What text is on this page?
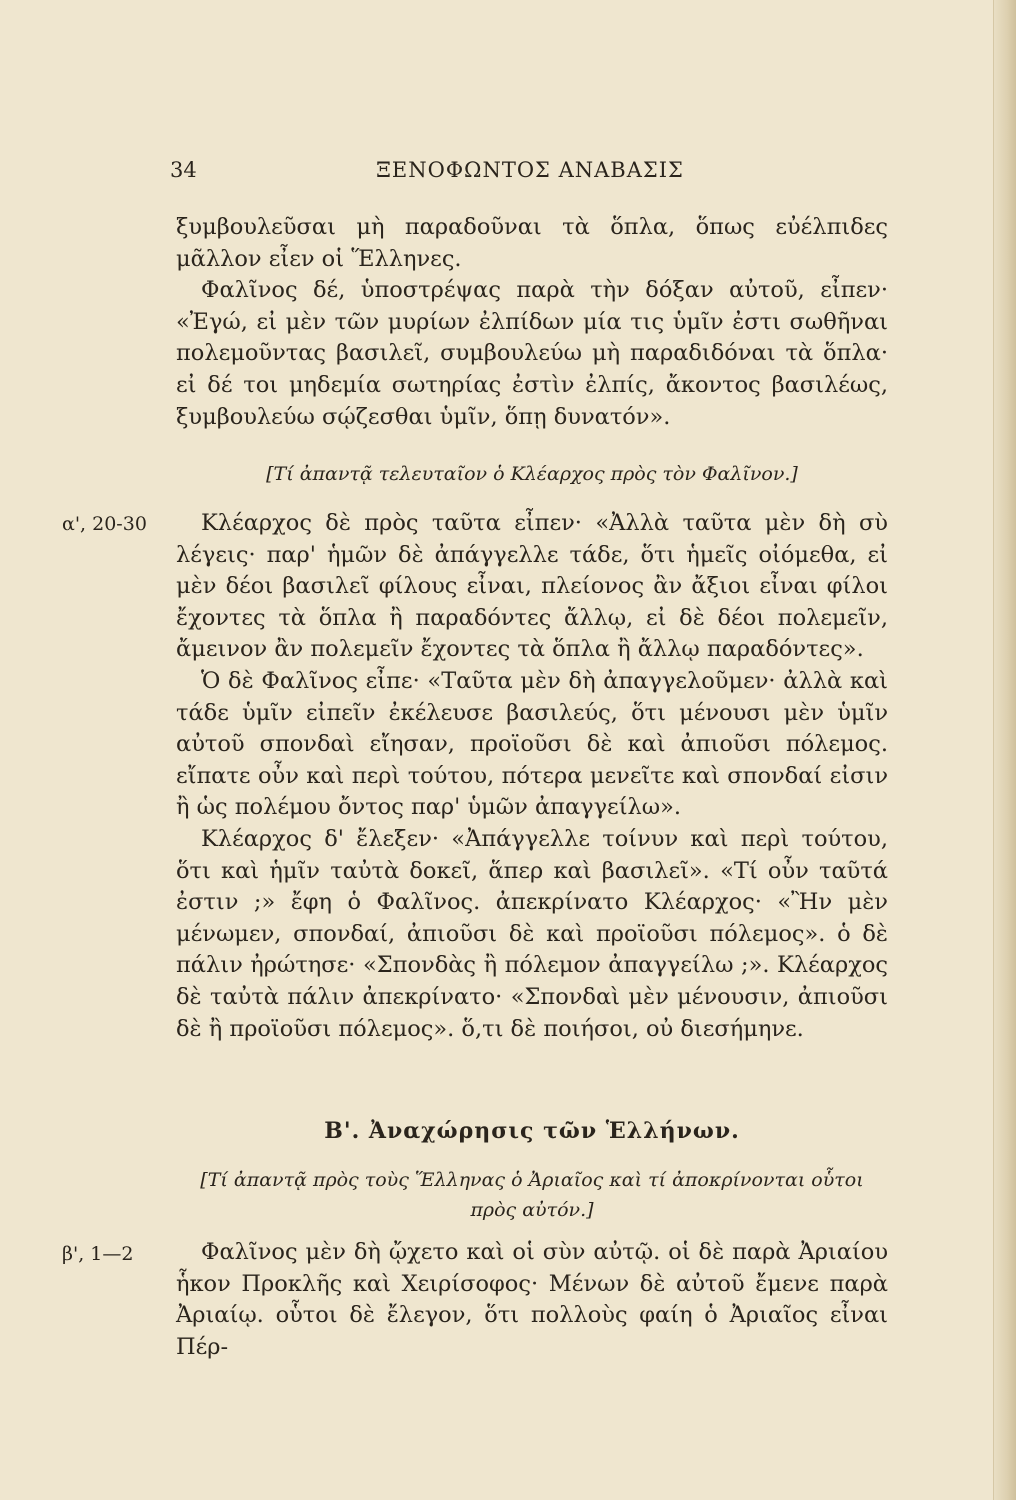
34	ΞΕΝΟΦΩΝΤΟΣ ΑΝΑΒΑΣΙΣ

ξυμβουλεῦσαι μὴ παραδοῦναι τὰ ὅπλα, ὅπως εὐέλπιδες μᾶλλον εἶεν οἱ Ἕλληνες.

Φαλῖνος δέ, ὑποστρέψας παρὰ τὴν δόξαν αὐτοῦ, εἶπεν· «Ἐγώ, εἰ μὲν τῶν μυρίων ἐλπίδων μία τις ὑμῖν ἐστι σωθῆναι πολεμοῦντας βασιλεῖ, συμβουλεύω μὴ παραδιδόναι τὰ ὅπλα· εἰ δέ τοι μηδεμία σωτηρίας ἐστὶν ἐλπίς, ἄκοντος βασιλέως, ξυμβουλεύω σῴζεσθαι ὑμῖν, ὅπῃ δυνατόν».

[Τί ἀπαντᾷ τελευταῖον ὁ Κλέαρχος πρὸς τὸν Φαλῖνον.]
α', 20-30	Κλέαρχος δὲ πρὸς ταῦτα εἶπεν· «Ἀλλὰ ταῦτα μὲν δὴ σὺ λέγεις· παρ' ἡμῶν δὲ ἀπάγγελλε τάδε, ὅτι ἡμεῖς οἰόμεθα, εἰ μὲν δέοι βασιλεῖ φίλους εἶναι, πλείονος ἂν ἄξιοι εἶναι φίλοι ἔχοντες τὰ ὅπλα ἢ παραδόντες ἄλλῳ, εἰ δὲ δέοι πολεμεῖν, ἄμεινον ἂν πολεμεῖν ἔχοντες τὰ ὅπλα ἢ ἄλλῳ παραδόντες».

Ὁ δὲ Φαλῖνος εἶπε· «Ταῦτα μὲν δὴ ἀπαγγελοῦμεν· ἀλλὰ καὶ τάδε ὑμῖν εἰπεῖν ἐκέλευσε βασιλεύς, ὅτι μένουσι μὲν ὑμῖν αὐτοῦ σπονδαὶ εἴησαν, προϊοῦσι δὲ καὶ ἀπιοῦσι πόλεμος. εἴπατε οὖν καὶ περὶ τούτου, πότερα μενεῖτε καὶ σπονδαί εἰσιν ἢ ὡς πολέμου ὄντος παρ' ὑμῶν ἀπαγγείλω».

Κλέαρχος δ' ἔλεξεν· «Ἀπάγγελλε τοίνυν καὶ περὶ τούτου, ὅτι καὶ ἡμῖν ταὐτὰ δοκεῖ, ἅπερ καὶ βασιλεῖ». «Τί οὖν ταῦτά ἐστιν ;» ἔφη ὁ Φαλῖνος. ἀπεκρίνατο Κλέαρχος· «Ἢν μὲν μένωμεν, σπονδαί, ἀπιοῦσι δὲ καὶ προϊοῦσι πόλεμος». ὁ δὲ πάλιν ἠρώτησε· «Σπονδὰς ἢ πόλεμον ἀπαγγείλω ;». Κλέαρχος δὲ ταὐτὰ πάλιν ἀπεκρίνατο· «Σπονδαὶ μὲν μένουσιν, ἀπιοῦσι δὲ ἢ προϊοῦσι πόλεμος». ὅ,τι δὲ ποιήσοι, οὐ διεσήμηνε.

Β'. Ἀναχώρησις τῶν Ἑλλήνων.
[Τί ἀπαντᾷ πρὸς τοὺς Ἕλληνας ὁ Ἀριαῖος καὶ τί ἀποκρίνονται οὗτοι πρὸς αὐτόν.]
β', 1—2	Φαλῖνος μὲν δὴ ᾤχετο καὶ οἱ σὺν αὐτῷ. οἱ δὲ παρὰ Ἀριαίου ἧκον Προκλῆς καὶ Χειρίσοφος· Μένων δὲ αὐτοῦ ἔμενε παρὰ Ἀριαίῳ. οὗτοι δὲ ἔλεγον, ὅτι πολλοὺς φαίη ὁ Ἀριαῖος εἶναι Πέρ-
